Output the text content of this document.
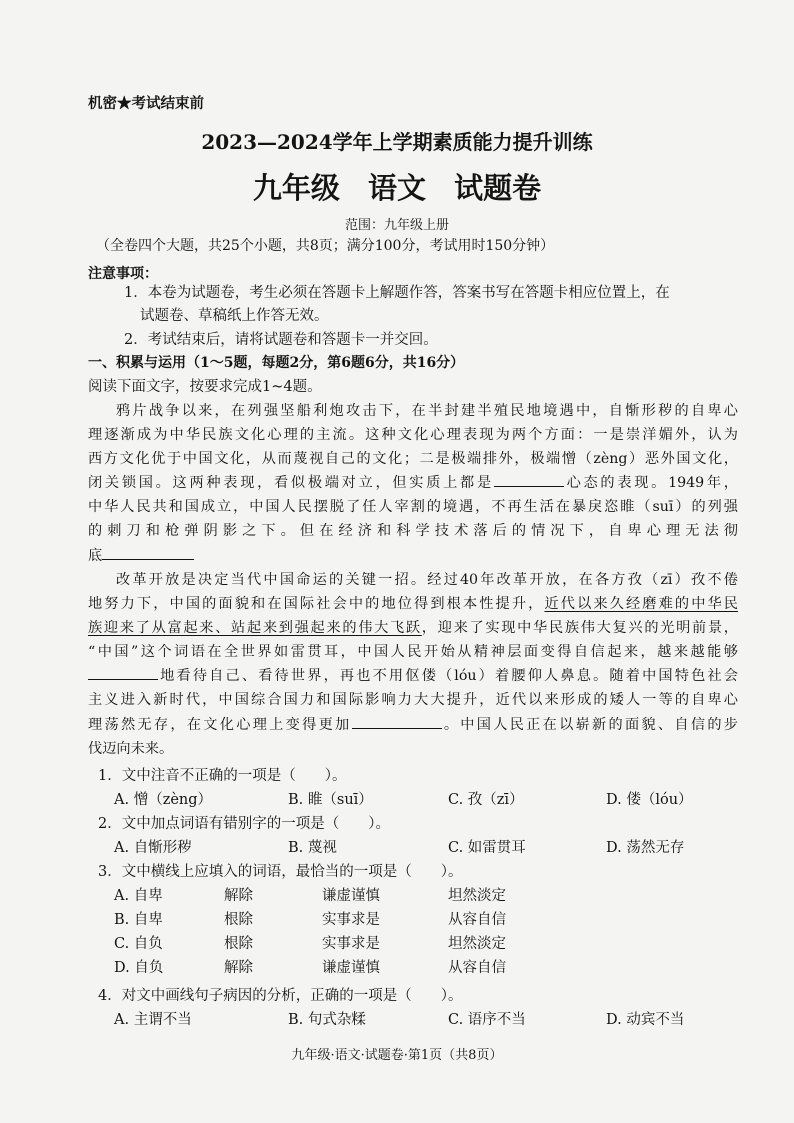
机密★考试结束前
2023—2024学年上学期素质能力提升训练
九年级 语文 试题卷
范围：九年级上册
（全卷四个大题，共25个小题，共8页；满分100分，考试用时150分钟）
注意事项：
1．本卷为试题卷，考生必须在答题卡上解题作答，答案书写在答题卡相应位置上，在
试题卷、草稿纸上作答无效。
2．考试结束后，请将试题卷和答题卡一并交回。
一、积累与运用（1～5题，每题2分，第6题6分，共16分）
阅读下面文字，按要求完成1~4题。
鸦片战争以来，在列强坚船利炮攻击下，在半封建半殖民地境遇中，自惭形秽的自卑心
理逐渐成为中华民族文化心理的主流。这种文化心理表现为两个方面：一是崇洋媚外，认为
西方文化优于中国文化，从而蔑视自己的文化；二是极端排外，极端憎（zèng）恶外国文化，
闭关锁国。这两种表现，看似极端对立，但实质上都是	心态的表现。1949年，
中华人民共和国成立，中国人民摆脱了任人宰割的境遇，不再生活在暴戾恣睢（suī）的列强
的刺刀和枪弹阴影之下。但在经济和科学技术落后的情况下，自卑心理无法彻
底
改革开放是决定当代中国命运的关键一招。经过40年改革开放，在各方孜（zī）孜不倦
地努力下，中国的面貌和在国际社会中的地位得到根本性提升，近代以来久经磨难的中华民
族迎来了从富起来、站起来到强起来的伟大飞跃，迎来了实现中华民族伟大复兴的光明前景，
“中国”这个词语在全世界如雷贯耳，中国人民开始从精神层面变得自信起来，越来越能够
地看待自己、看待世界，再也不用伛偻（lóu）着腰仰人鼻息。随着中国特色社会
主义进入新时代，中国综合国力和国际影响力大大提升，近代以来形成的矮人一等的自卑心
理荡然无存，在文化心理上变得更加	。中国人民正在以崭新的面貌、自信的步
伐迈向未来。
1．文中注音不正确的一项是（　　）。
A. 憎（zèng）	B. 睢（suī）	C. 孜（zī）	D. 偻（lóu）
2．文中加点词语有错别字的一项是（　　）。
A. 自惭形秽	B. 蔑视	C. 如雷贯耳	D. 荡然无存
3．文中横线上应填入的词语，最恰当的一项是（　　）。
A. 自卑	解除	谦虚谨慎	坦然淡定
B. 自卑	根除	实事求是	从容自信
C. 自负	根除	实事求是	坦然淡定
D. 自负	解除	谦虚谨慎	从容自信
4．对文中画线句子病因的分析，正确的一项是（　　）。
A. 主谓不当	B. 句式杂糅	C. 语序不当	D. 动宾不当
九年级·语文·试题卷·第1页（共8页）
